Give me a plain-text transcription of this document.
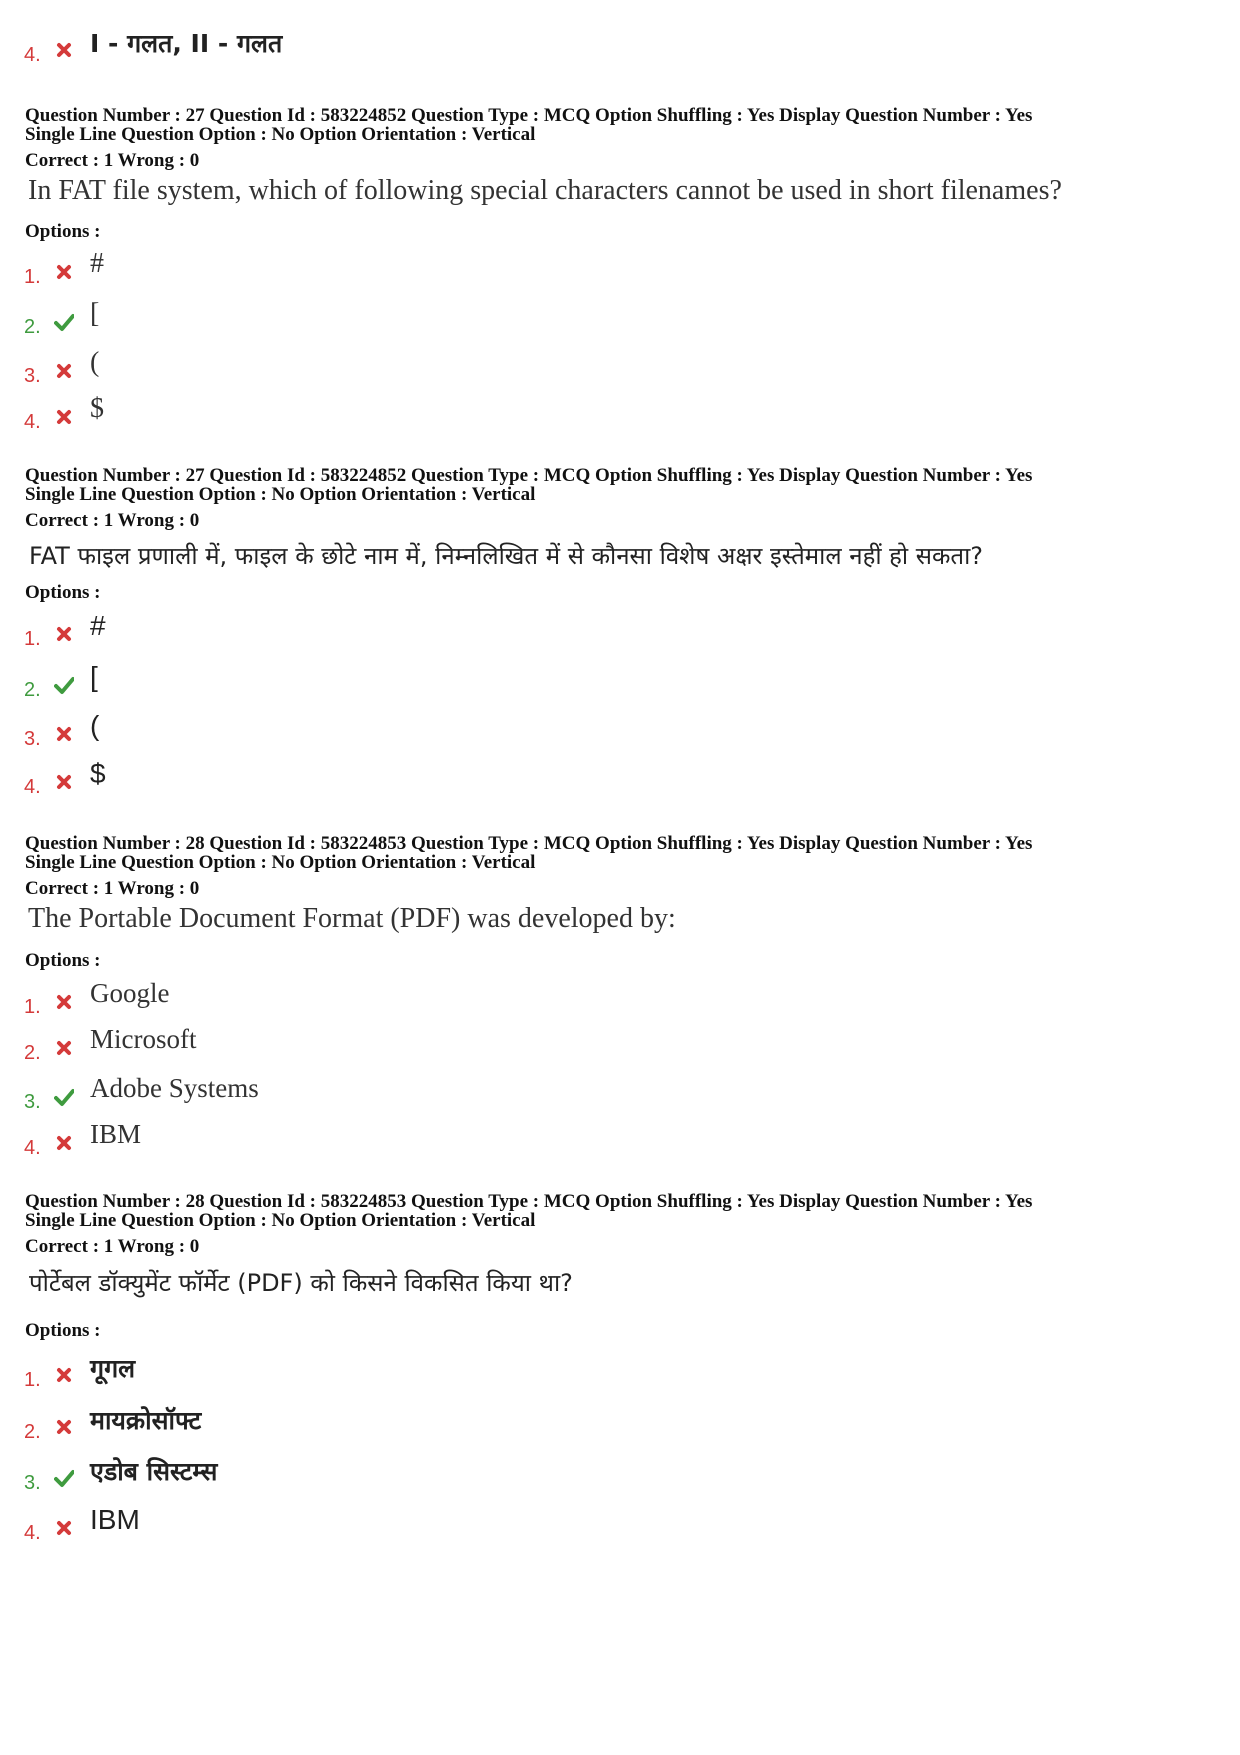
4. I - गलत, II - गलत
Question Number : 27 Question Id : 583224852 Question Type : MCQ Option Shuffling : Yes Display Question Number : Yes
Single Line Question Option : No Option Orientation : Vertical
Correct : 1 Wrong : 0
In FAT file system, which of following special characters cannot be used in short filenames?
Options :
1. #
2. [
3. (
4. $
Question Number : 27 Question Id : 583224852 Question Type : MCQ Option Shuffling : Yes Display Question Number : Yes
Single Line Question Option : No Option Orientation : Vertical
Correct : 1 Wrong : 0
FAT फाइल प्रणाली में, फाइल के छोटे नाम में, निम्नलिखित में से कौनसा विशेष अक्षर इस्तेमाल नहीं हो सकता?
Options :
1. #
2. [
3. (
4. $
Question Number : 28 Question Id : 583224853 Question Type : MCQ Option Shuffling : Yes Display Question Number : Yes
Single Line Question Option : No Option Orientation : Vertical
Correct : 1 Wrong : 0
The Portable Document Format (PDF) was developed by:
Options :
1. Google
2. Microsoft
3. Adobe Systems
4. IBM
Question Number : 28 Question Id : 583224853 Question Type : MCQ Option Shuffling : Yes Display Question Number : Yes
Single Line Question Option : No Option Orientation : Vertical
Correct : 1 Wrong : 0
पोर्टेबल डॉक्युमेंट फॉर्मेट (PDF) को किसने विकसित किया था?
Options :
1. गूगल
2. मायक्रोसॉफ्ट
3. एडोब सिस्टम्स
4. IBM
